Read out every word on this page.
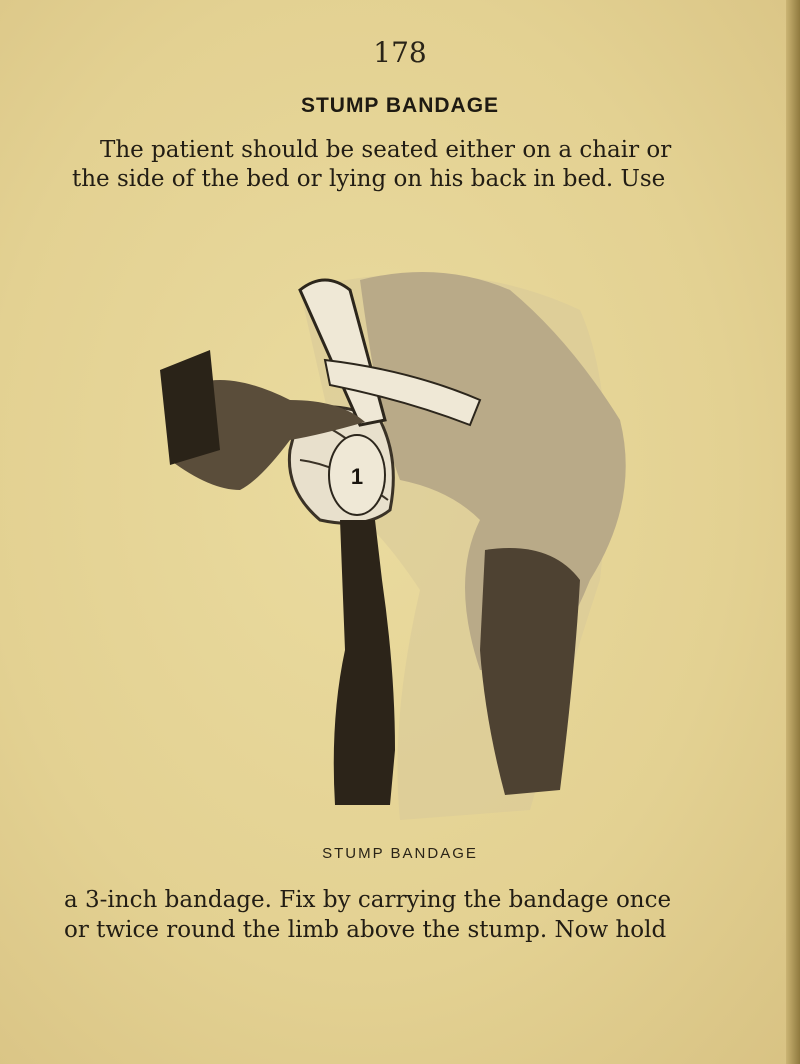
178
STUMP BANDAGE
The patient should be seated either on a chair or
the side of the bed or lying on his back in bed. Use
1
STUMP BANDAGE
a 3-inch bandage. Fix by carrying the bandage once
or twice round the limb above the stump. Now hold
